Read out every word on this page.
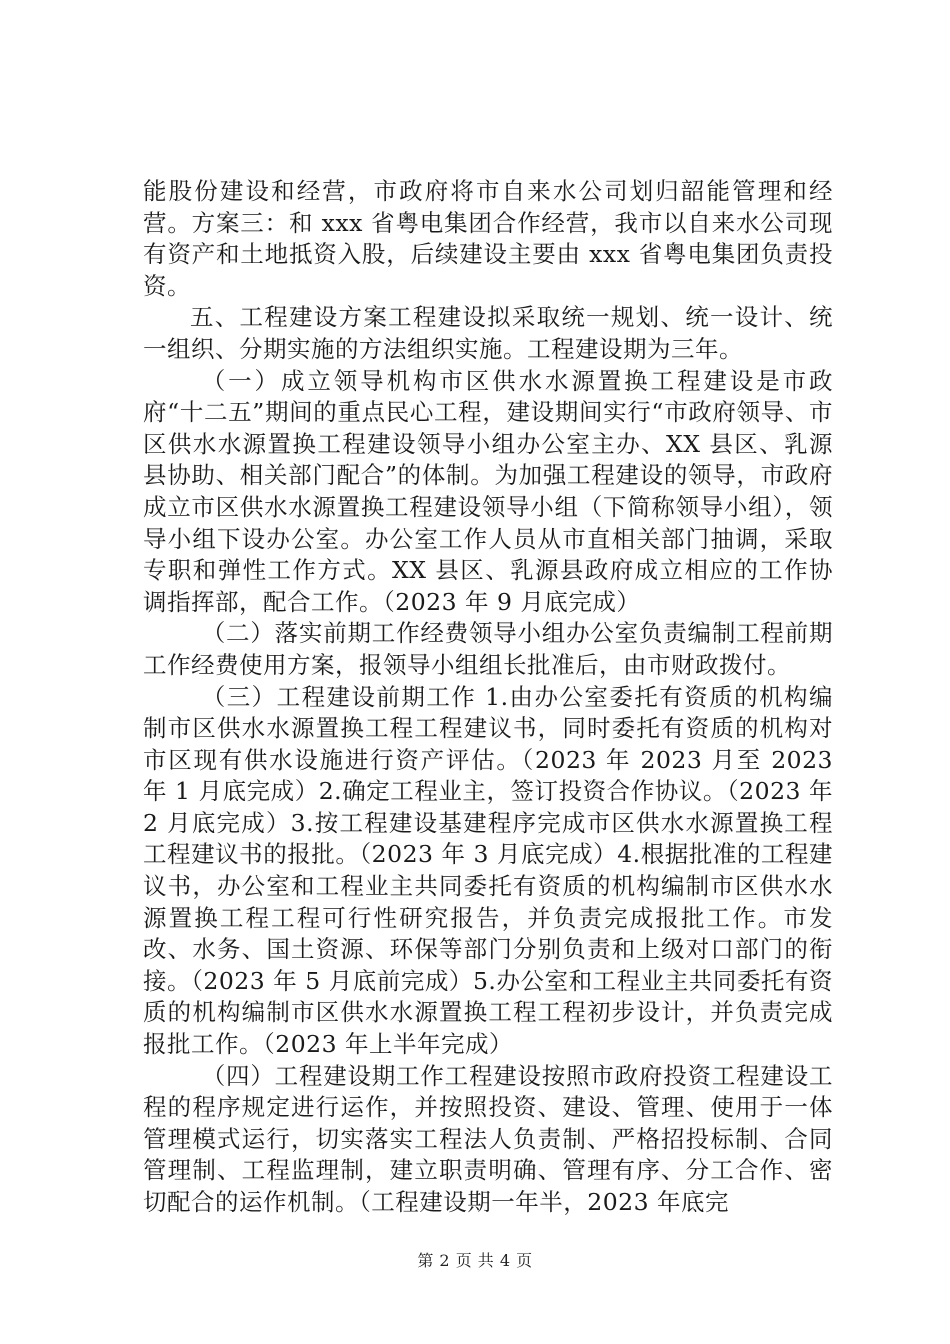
能股份建设和经营，市政府将市自来水公司划归韶能管理和经营。方案三：和 xxx 省粤电集团合作经营，我市以自来水公司现有资产和土地抵资入股，后续建设主要由 xxx 省粤电集团负责投资。

五、工程建设方案工程建设拟采取统一规划、统一设计、统一组织、分期实施的方法组织实施。工程建设期为三年。

（一）成立领导机构市区供水水源置换工程建设是市政府“十二五”期间的重点民心工程，建设期间实行“市政府领导、市区供水水源置换工程建设领导小组办公室主办、XX 县区、乳源县协助、相关部门配合”的体制。为加强工程建设的领导，市政府成立市区供水水源置换工程建设领导小组（下简称领导小组），领导小组下设办公室。办公室工作人员从市直相关部门抽调，采取专职和弹性工作方式。XX 县区、乳源县政府成立相应的工作协调指挥部，配合工作。（2023 年 9 月底完成）

（二）落实前期工作经费领导小组办公室负责编制工程前期工作经费使用方案，报领导小组组长批准后，由市财政拨付。

（三）工程建设前期工作 1.由办公室委托有资质的机构编制市区供水水源置换工程工程建议书，同时委托有资质的机构对市区现有供水设施进行资产评估。（2023 年 2023 月至 2023 年 1 月底完成）2.确定工程业主，签订投资合作协议。（2023 年 2 月底完成）3.按工程建设基建程序完成市区供水水源置换工程工程建议书的报批。（2023 年 3 月底完成）4.根据批准的工程建议书，办公室和工程业主共同委托有资质的机构编制市区供水水源置换工程工程可行性研究报告，并负责完成报批工作。市发改、水务、国土资源、环保等部门分别负责和上级对口部门的衔接。（2023 年 5 月底前完成）5.办公室和工程业主共同委托有资质的机构编制市区供水水源置换工程工程初步设计，并负责完成报批工作。（2023 年上半年完成）

（四）工程建设期工作工程建设按照市政府投资工程建设工程的程序规定进行运作，并按照投资、建设、管理、使用于一体管理模式运行，切实落实工程法人负责制、严格招投标制、合同管理制、工程监理制，建立职责明确、管理有序、分工合作、密切配合的运作机制。（工程建设期一年半，2023 年底完

第 2 页 共 4 页
